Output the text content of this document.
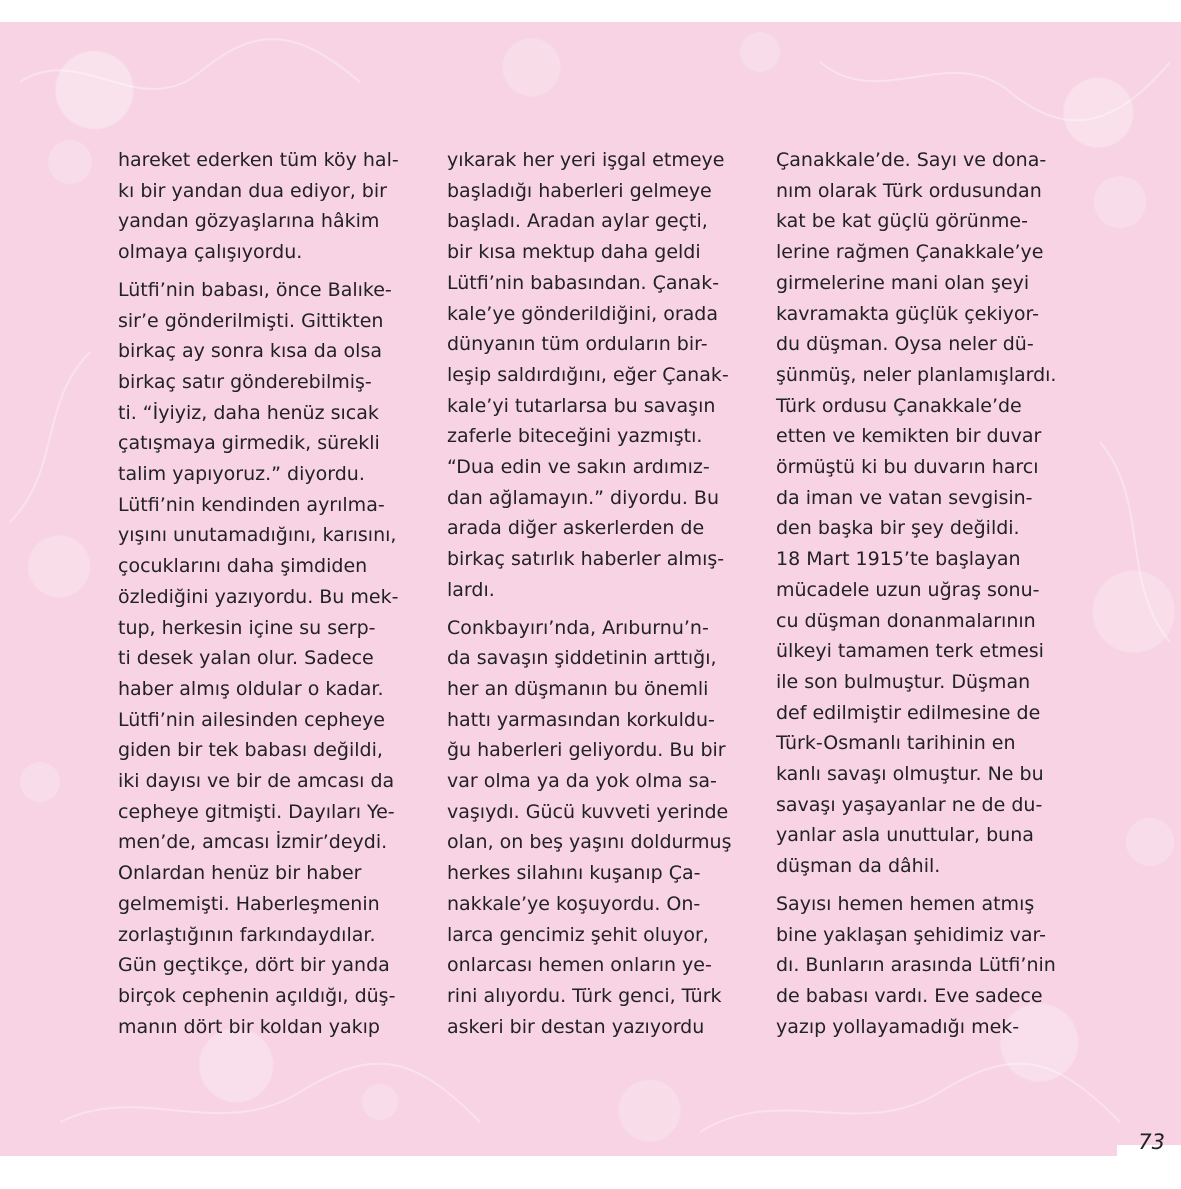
hareket ederken tüm köy hal-
kı bir yandan dua ediyor, bir
yandan gözyaşlarına hâkim
olmaya çalışıyordu.

Lütfi’nin babası, önce Balıke-
sir’e gönderilmişti. Gittikten
birkaç ay sonra kısa da olsa
birkaç satır gönderebilmiş-
ti. “İyiyiz, daha henüz sıcak
çatışmaya girmedik, sürekli
talim yapıyoruz.” diyordu.
Lütfi’nin kendinden ayrılma-
yışını unutamadığını, karısını,
çocuklarını daha şimdiden
özlediğini yazıyordu. Bu mek-
tup, herkesin içine su serp-
ti desek yalan olur. Sadece
haber almış oldular o kadar.
Lütfi’nin ailesinden cepheye
giden bir tek babası değildi,
iki dayısı ve bir de amcası da
cepheye gitmişti. Dayıları Ye-
men’de, amcası İzmir’deydi.
Onlardan henüz bir haber
gelmemişti. Haberleşmenin
zorlaştığının farkındaydılar.
Gün geçtikçe, dört bir yanda
birçok cephenin açıldığı, düş-
manın dört bir koldan yakıp

yıkarak her yeri işgal etmeye
başladığı haberleri gelmeye
başladı. Aradan aylar geçti,
bir kısa mektup daha geldi
Lütfi’nin babasından. Çanak-
kale’ye gönderildiğini, orada
dünyanın tüm orduların bir-
leşip saldırdığını, eğer Çanak-
kale’yi tutarlarsa bu savaşın
zaferle biteceğini yazmıştı.
“Dua edin ve sakın ardımız-
dan ağlamayın.” diyordu. Bu
arada diğer askerlerden de
birkaç satırlık haberler almış-
lardı.

Conkbayırı’nda, Arıburnu’n-
da savaşın şiddetinin arttığı,
her an düşmanın bu önemli
hattı yarmasından korkuldu-
ğu haberleri geliyordu. Bu bir
var olma ya da yok olma sa-
vaşıydı. Gücü kuvveti yerinde
olan, on beş yaşını doldurmuş
herkes silahını kuşanıp Ça-
nakkale’ye koşuyordu. On-
larca gencimiz şehit oluyor,
onlarcası hemen onların ye-
rini alıyordu. Türk genci, Türk
askeri bir destan yazıyordu

Çanakkale’de. Sayı ve dona-
nım olarak Türk ordusundan
kat be kat güçlü görünme-
lerine rağmen Çanakkale’ye
girmelerine mani olan şeyi
kavramakta güçlük çekiyor-
du düşman. Oysa neler dü-
şünmüş, neler planlamışlardı.
Türk ordusu Çanakkale’de
etten ve kemikten bir duvar
örmüştü ki bu duvarın harcı
da iman ve vatan sevgisin-
den başka bir şey değildi.
18 Mart 1915’te başlayan
mücadele uzun uğraş sonu-
cu düşman donanmalarının
ülkeyi tamamen terk etmesi
ile son bulmuştur. Düşman
def edilmiştir edilmesine de
Türk-Osmanlı tarihinin en
kanlı savaşı olmuştur. Ne bu
savaşı yaşayanlar ne de du-
yanlar asla unuttular, buna
düşman da dâhil.

Sayısı hemen hemen atmış
bine yaklaşan şehidimiz var-
dı. Bunların arasında Lütfi’nin
de babası vardı. Eve sadece
yazıp yollayamadığı mek-

73
